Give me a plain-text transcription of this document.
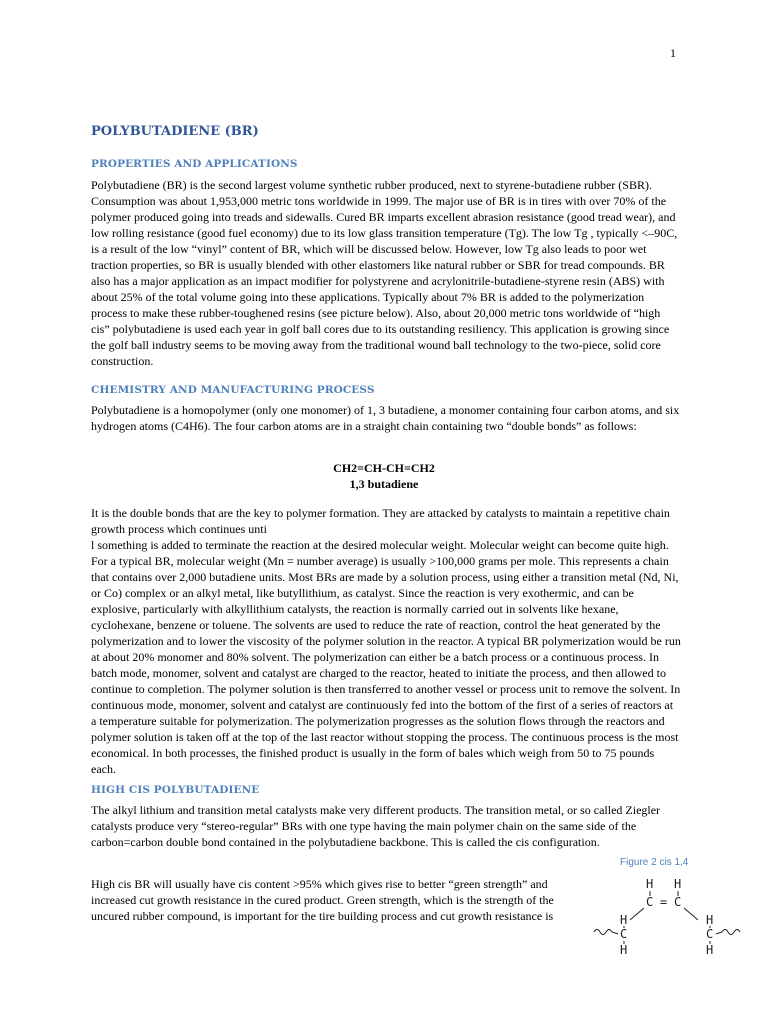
1
POLYBUTADIENE (BR)
PROPERTIES AND APPLICATIONS

Polybutadiene (BR) is the second largest volume synthetic rubber produced, next to styrene-butadiene rubber (SBR). Consumption was about 1,953,000 metric tons worldwide in 1999. The major use of BR is in tires with over 70% of the polymer produced going into treads and sidewalls. Cured BR imparts excellent abrasion resistance (good tread wear), and low rolling resistance (good fuel economy) due to its low glass transition temperature (Tg). The low Tg , typically <–90C, is a result of the low “vinyl” content of BR, which will be discussed below. However, low Tg also leads to poor wet traction properties, so BR is usually blended with other elastomers like natural rubber or SBR for tread compounds. BR also has a major application as an impact modifier for polystyrene and acrylonitrile-butadiene-styrene resin (ABS) with about 25% of the total volume going into these applications. Typically about 7% BR is added to the polymerization process to make these rubber-toughened resins (see picture below). Also, about 20,000 metric tons worldwide of “high cis” polybutadiene is used each year in golf ball cores due to its outstanding resiliency. This application is growing since the golf ball industry seems to be moving away from the traditional wound ball technology to the two-piece, solid core construction.

CHEMISTRY AND MANUFACTURING PROCESS

Polybutadiene is a homopolymer (only one monomer) of 1, 3 butadiene, a monomer containing four carbon atoms, and six hydrogen atoms (C4H6). The four carbon atoms are in a straight chain containing two “double bonds” as follows:

CH2=CH-CH=CH2
1,3 butadiene

It is the double bonds that are the key to polymer formation. They are attacked by catalysts to maintain a repetitive chain growth process which continues unti

l something is added to terminate the reaction at the desired molecular weight. Molecular weight can become quite high. For a typical BR, molecular weight (Mn = number average) is usually >100,000 grams per mole. This represents a chain that contains over 2,000 butadiene units. Most BRs are made by a solution process, using either a transition metal (Nd, Ni, or Co) complex or an alkyl metal, like butyllithium, as catalyst. Since the reaction is very exothermic, and can be explosive, particularly with alkyllithium catalysts, the reaction is normally carried out in solvents like hexane, cyclohexane, benzene or toluene. The solvents are used to reduce the rate of reaction, control the heat generated by the polymerization and to lower the viscosity of the polymer solution in the reactor. A typical BR polymerization would be run at about 20% monomer and 80% solvent. The polymerization can either be a batch process or a continuous process. In batch mode, monomer, solvent and catalyst are charged to the reactor, heated to initiate the process, and then allowed to continue to completion. The polymer solution is then transferred to another vessel or process unit to remove the solvent. In continuous mode, monomer, solvent and catalyst are continuously fed into the bottom of the first of a series of reactors at a temperature suitable for polymerization. The polymerization progresses as the solution flows through the reactors and polymer solution is taken off at the top of the last reactor without stopping the process. The continuous process is the most economical. In both processes, the finished product is usually in the form of bales which weigh from 50 to 75 pounds each.

HIGH CIS POLYBUTADIENE

The alkyl lithium and transition metal catalysts make very different products. The transition metal, or so called Ziegler catalysts produce very “stereo-regular” BRs with one type having the main polymer chain on the same side of the carbon=carbon double bond contained in the polybutadiene backbone. This is called the cis configuration.

High cis BR will usually have cis content >95% which gives rise to better “green strength” and increased cut growth resistance in the cured product. Green strength, which is the strength of the uncured rubber compound, is important for the tire building process and cut growth resistance is

Figure 2 cis 1,4
H H
C = C
H	H
C	C
H	H
